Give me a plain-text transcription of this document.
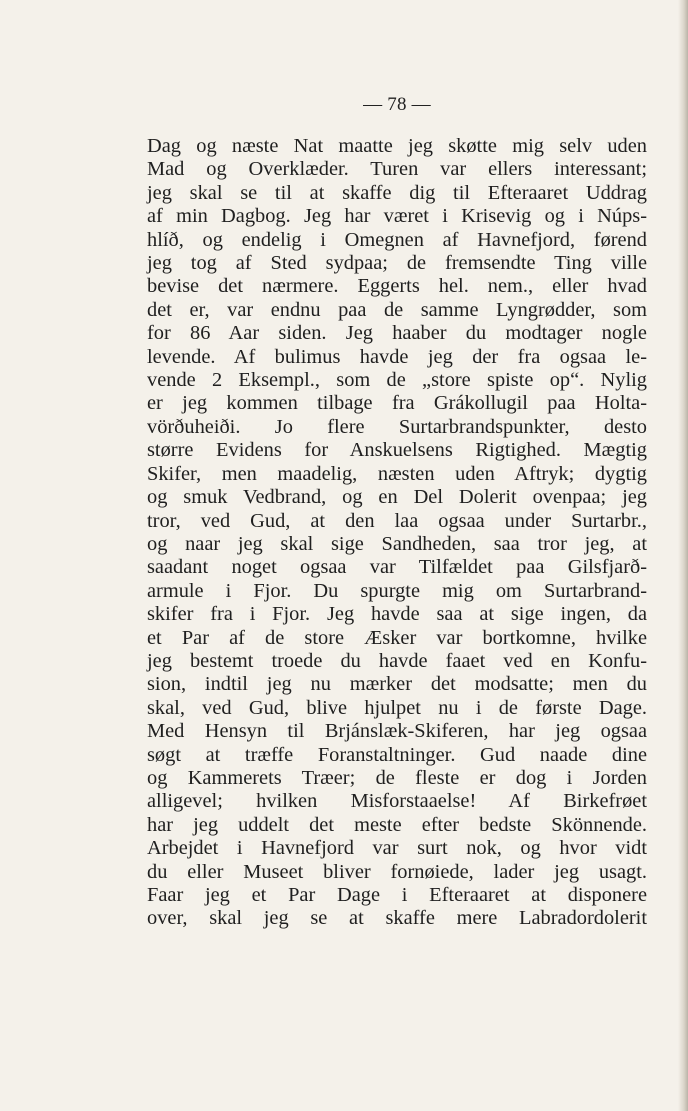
— 78 —
Dag og næste Nat maatte jeg skøtte mig selv uden
Mad og Overklæder. Turen var ellers interessant;
jeg skal se til at skaffe dig til Efteraaret Uddrag
af min Dagbog. Jeg har været i Krisevig og i Núps-
hlíð, og endelig i Omegnen af Havnefjord, førend
jeg tog af Sted sydpaa; de fremsendte Ting ville
bevise det nærmere. Eggerts hel. nem., eller hvad
det er, var endnu paa de samme Lyngrødder, som
for 86 Aar siden. Jeg haaber du modtager nogle
levende. Af bulimus havde jeg der fra ogsaa le-
vende 2 Eksempl., som de „store spiste op“. Nylig
er jeg kommen tilbage fra Grákollugil paa Holta-
vörðuheiði. Jo flere Surtarbrandspunkter, desto
større Evidens for Anskuelsens Rigtighed. Mægtig
Skifer, men maadelig, næsten uden Aftryk; dygtig
og smuk Vedbrand, og en Del Dolerit ovenpaa; jeg
tror, ved Gud, at den laa ogsaa under Surtarbr.,
og naar jeg skal sige Sandheden, saa tror jeg, at
saadant noget ogsaa var Tilfældet paa Gilsfjarð-
armule i Fjor. Du spurgte mig om Surtarbrand-
skifer fra i Fjor. Jeg havde saa at sige ingen, da
et Par af de store Æsker var bortkomne, hvilke
jeg bestemt troede du havde faaet ved en Konfu-
sion, indtil jeg nu mærker det modsatte; men du
skal, ved Gud, blive hjulpet nu i de første Dage.
Med Hensyn til Brjánslæk-Skiferen, har jeg ogsaa
søgt at træffe Foranstaltninger. Gud naade dine
og Kammerets Træer; de fleste er dog i Jorden
alligevel; hvilken Misforstaaelse! Af Birkefrøet
har jeg uddelt det meste efter bedste Skönnende.
Arbejdet i Havnefjord var surt nok, og hvor vidt
du eller Museet bliver fornøiede, lader jeg usagt.
Faar jeg et Par Dage i Efteraaret at disponere
over, skal jeg se at skaffe mere Labradordolerit
